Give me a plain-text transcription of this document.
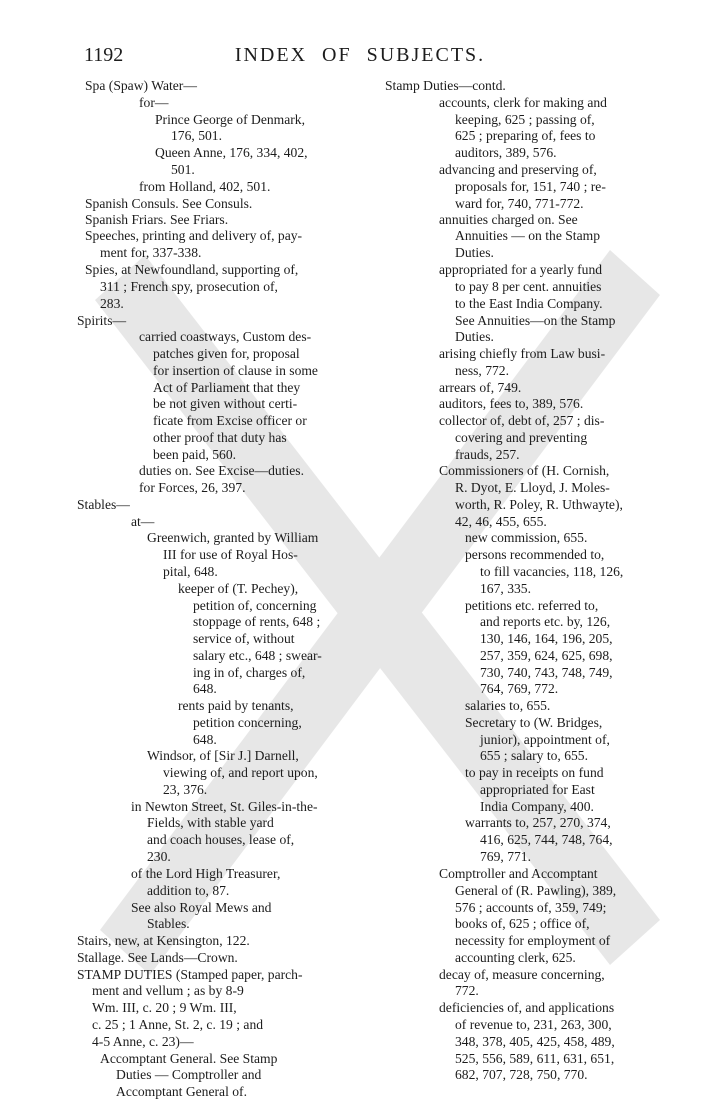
1192	INDEX OF SUBJECTS.
Spa (Spaw) Water—
for—
Prince George of Denmark,
176, 501.
Queen Anne, 176, 334, 402,
501.
from Holland, 402, 501.
Spanish Consuls. See Consuls.
Spanish Friars. See Friars.
Speeches, printing and delivery of, pay-
ment for, 337-338.
Spies, at Newfoundland, supporting of,
311 ; French spy, prosecution of,
283.
Spirits—
carried coastways, Custom des-
patches given for, proposal
for insertion of clause in some
Act of Parliament that they
be not given without certi-
ficate from Excise officer or
other proof that duty has
been paid, 560.
duties on. See Excise—duties.
for Forces, 26, 397.
Stables—
at—
Greenwich, granted by William
III for use of Royal Hos-
pital, 648.
keeper of (T. Pechey),
petition of, concerning
stoppage of rents, 648 ;
service of, without
salary etc., 648 ; swear-
ing in of, charges of,
648.
rents paid by tenants,
petition concerning,
648.
Windsor, of [Sir J.] Darnell,
viewing of, and report upon,
23, 376.
in Newton Street, St. Giles-in-the-
Fields, with stable yard
and coach houses, lease of,
230.
of the Lord High Treasurer,
addition to, 87.
See also Royal Mews and
Stables.
Stairs, new, at Kensington, 122.
Stallage. See Lands—Crown.
STAMP DUTIES (Stamped paper, parch-
ment and vellum ; as by 8-9
Wm. III, c. 20 ; 9 Wm. III,
c. 25 ; 1 Anne, St. 2, c. 19 ; and
4-5 Anne, c. 23)—
Accomptant General. See Stamp
Duties — Comptroller and
Accomptant General of.
Stamp Duties—contd.
accounts, clerk for making and
keeping, 625 ; passing of,
625 ; preparing of, fees to
auditors, 389, 576.
advancing and preserving of,
proposals for, 151, 740 ; re-
ward for, 740, 771-772.
annuities charged on. See
Annuities — on the Stamp
Duties.
appropriated for a yearly fund
to pay 8 per cent. annuities
to the East India Company.
See Annuities—on the Stamp
Duties.
arising chiefly from Law busi-
ness, 772.
arrears of, 749.
auditors, fees to, 389, 576.
collector of, debt of, 257 ; dis-
covering and preventing
frauds, 257.
Commissioners of (H. Cornish,
R. Dyot, E. Lloyd, J. Moles-
worth, R. Poley, R. Uthwayte),
42, 46, 455, 655.
new commission, 655.
persons recommended to,
to fill vacancies, 118, 126,
167, 335.
petitions etc. referred to,
and reports etc. by, 126,
130, 146, 164, 196, 205,
257, 359, 624, 625, 698,
730, 740, 743, 748, 749,
764, 769, 772.
salaries to, 655.
Secretary to (W. Bridges,
junior), appointment of,
655 ; salary to, 655.
to pay in receipts on fund
appropriated for East
India Company, 400.
warrants to, 257, 270, 374,
416, 625, 744, 748, 764,
769, 771.
Comptroller and Accomptant
General of (R. Pawling), 389,
576 ; accounts of, 359, 749;
books of, 625 ; office of,
necessity for employment of
accounting clerk, 625.
decay of, measure concerning,
772.
deficiencies of, and applications
of revenue to, 231, 263, 300,
348, 378, 405, 425, 458, 489,
525, 556, 589, 611, 631, 651,
682, 707, 728, 750, 770.
